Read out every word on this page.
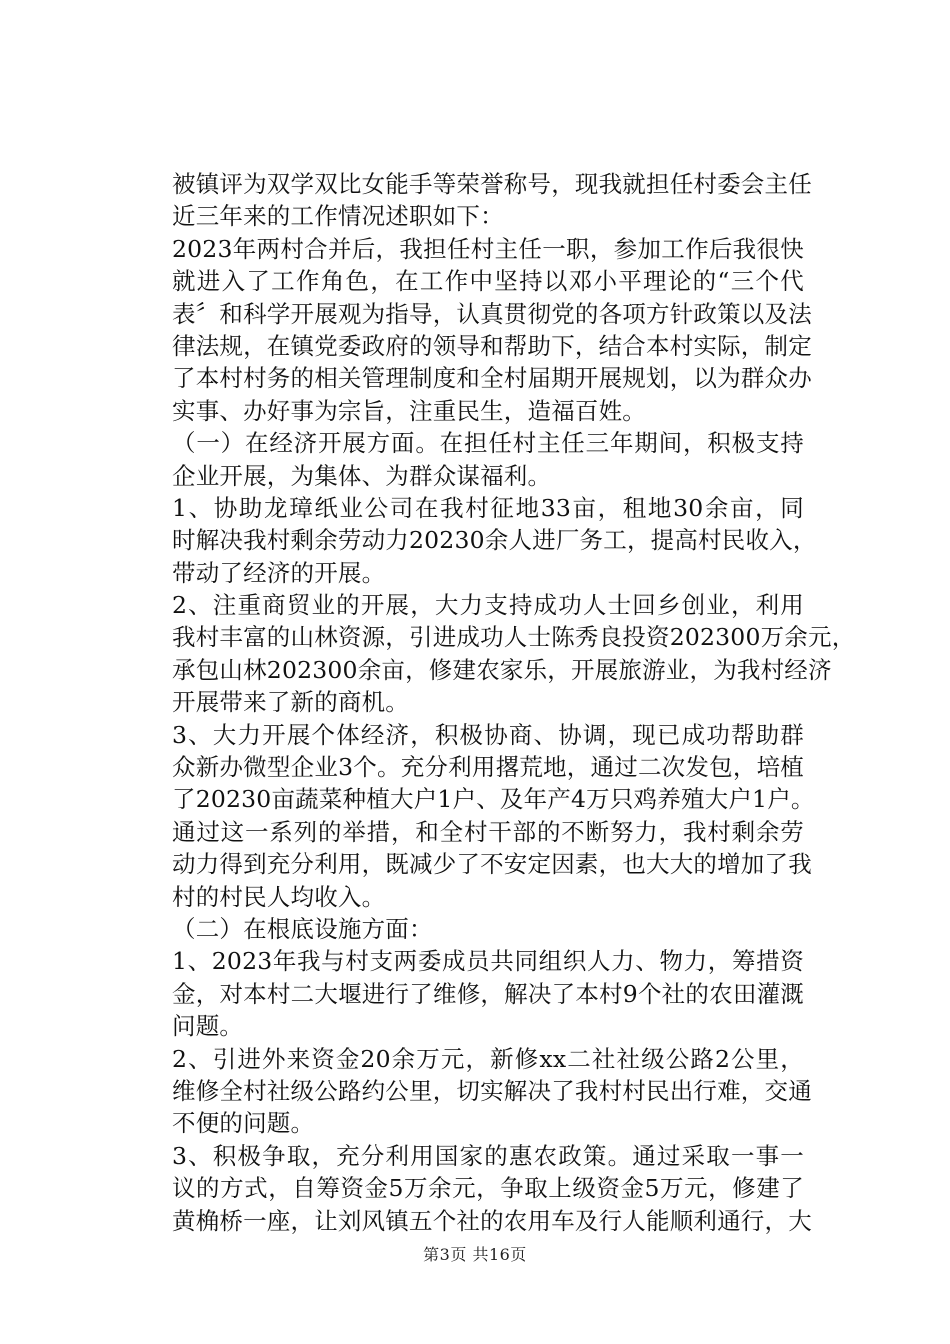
被镇评为双学双比女能手等荣誉称号，现我就担任村委会主任
近三年来的工作情况述职如下：
2023年两村合并后，我担任村主任一职，参加工作后我很快
就进入了工作角色，在工作中坚持以邓小平理论的“三个代
表〞和科学开展观为指导，认真贯彻党的各项方针政策以及法
律法规，在镇党委政府的领导和帮助下，结合本村实际，制定
了本村村务的相关管理制度和全村届期开展规划，以为群众办
实事、办好事为宗旨，注重民生，造福百姓。
（一）在经济开展方面。在担任村主任三年期间，积极支持
企业开展，为集体、为群众谋福利。
1、协助龙璋纸业公司在我村征地33亩，租地30余亩，同
时解决我村剩余劳动力20230余人进厂务工，提高村民收入，
带动了经济的开展。
2、注重商贸业的开展，大力支持成功人士回乡创业，利用
我村丰富的山林资源，引进成功人士陈秀良投资202300万余元，
承包山林202300余亩，修建农家乐，开展旅游业，为我村经济
开展带来了新的商机。
3、大力开展个体经济，积极协商、协调，现已成功帮助群
众新办微型企业3个。充分利用撂荒地，通过二次发包，培植
了20230亩蔬菜种植大户1户、及年产4万只鸡养殖大户1户。
通过这一系列的举措，和全村干部的不断努力，我村剩余劳
动力得到充分利用，既减少了不安定因素，也大大的增加了我
村的村民人均收入。
（二）在根底设施方面：
1、2023年我与村支两委成员共同组织人力、物力，筹措资
金，对本村二大堰进行了维修，解决了本村9个社的农田灌溉
问题。
2、引进外来资金20余万元，新修xx二社社级公路2公里，
维修全村社级公路约公里，切实解决了我村村民出行难，交通
不便的问题。
3、积极争取，充分利用国家的惠农政策。通过采取一事一
议的方式，自筹资金5万余元，争取上级资金5万元，修建了
黄桷桥一座，让刘风镇五个社的农用车及行人能顺利通行，大
第3页 共16页
